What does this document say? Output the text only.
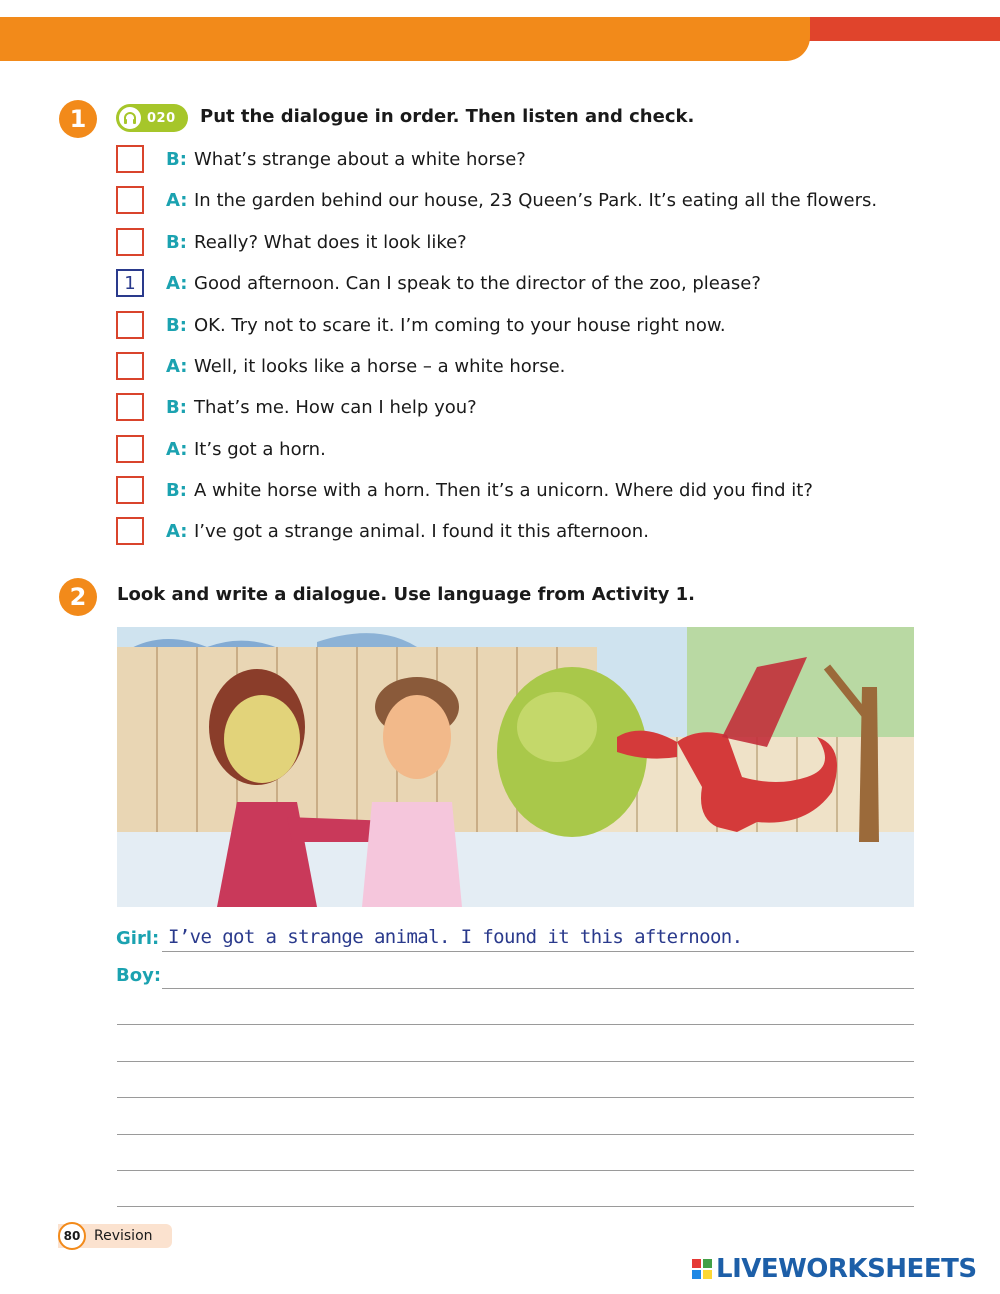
1	020 Put the dialogue in order. Then listen and check.
B: What’s strange about a white horse?
A: In the garden behind our house, 23 Queen’s Park. It’s eating all the flowers.
B: Really? What does it look like?
1	A: Good afternoon. Can I speak to the director of the zoo, please?
B: OK. Try not to scare it. I’m coming to your house right now.
A: Well, it looks like a horse – a white horse.
B: That’s me. How can I help you?
A: It’s got a horn.
B: A white horse with a horn. Then it’s a unicorn. Where did you find it?
A: I’ve got a strange animal. I found it this afternoon.
2	Look and write a dialogue. Use language from Activity 1.
Girl: I’ve got a strange animal. I found it this afternoon.
Boy:
80 Revision
LIVEWORKSHEETS
